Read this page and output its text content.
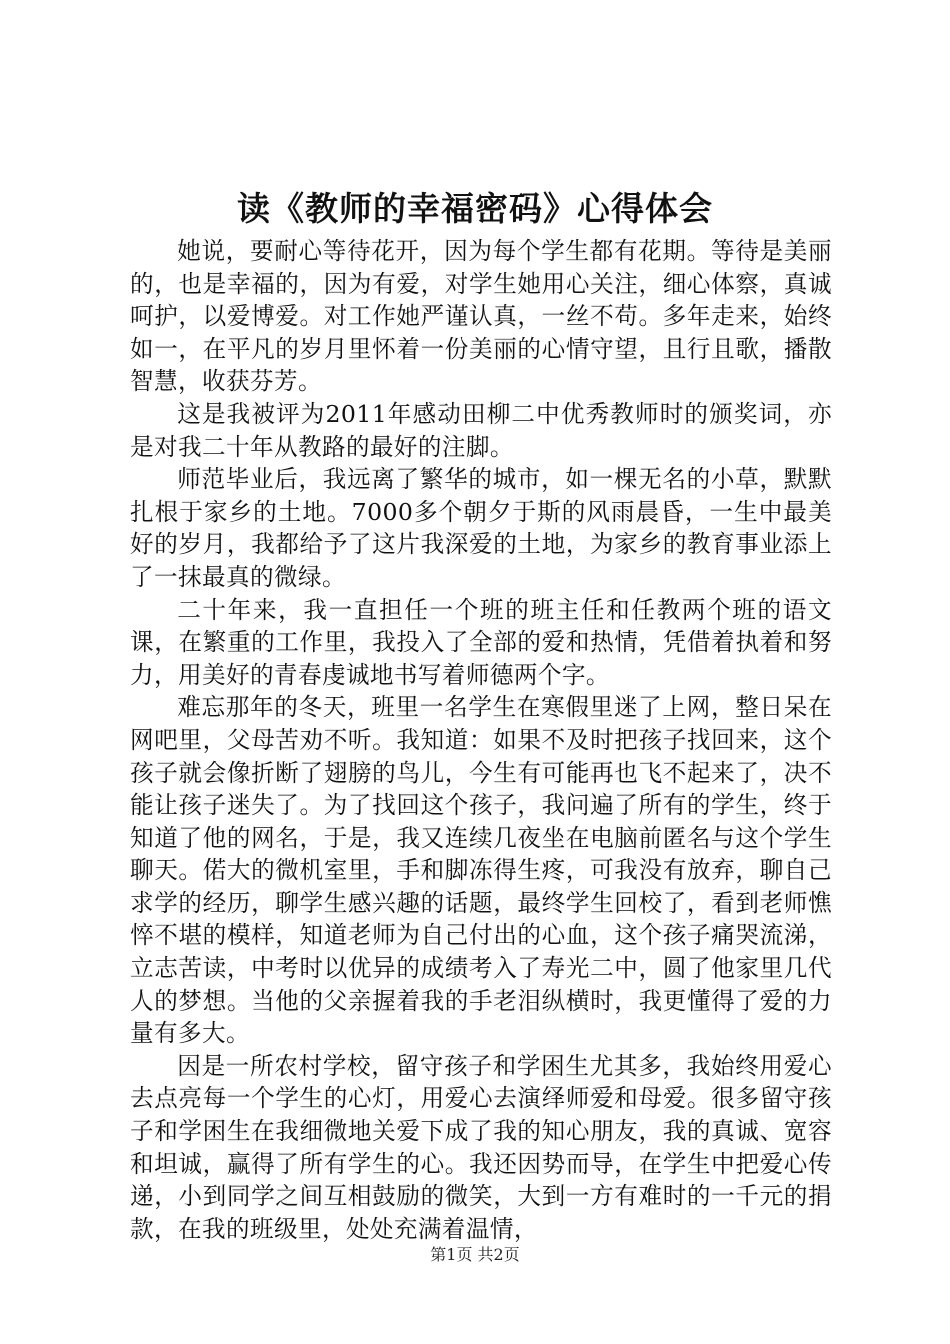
读《教师的幸福密码》心得体会

她说，要耐心等待花开，因为每个学生都有花期。等待是美丽的，也是幸福的，因为有爱，对学生她用心关注，细心体察，真诚呵护，以爱博爱。对工作她严谨认真，一丝不苟。多年走来，始终如一，在平凡的岁月里怀着一份美丽的心情守望，且行且歌，播散智慧，收获芬芳。

这是我被评为2011年感动田柳二中优秀教师时的颁奖词，亦是对我二十年从教路的最好的注脚。

师范毕业后，我远离了繁华的城市，如一棵无名的小草，默默扎根于家乡的土地。7000多个朝夕于斯的风雨晨昏，一生中最美好的岁月，我都给予了这片我深爱的土地，为家乡的教育事业添上了一抹最真的微绿。

二十年来，我一直担任一个班的班主任和任教两个班的语文课，在繁重的工作里，我投入了全部的爱和热情，凭借着执着和努力，用美好的青春虔诚地书写着师德两个字。

难忘那年的冬天，班里一名学生在寒假里迷了上网，整日呆在网吧里，父母苦劝不听。我知道：如果不及时把孩子找回来，这个孩子就会像折断了翅膀的鸟儿，今生有可能再也飞不起来了，决不能让孩子迷失了。为了找回这个孩子，我问遍了所有的学生，终于知道了他的网名，于是，我又连续几夜坐在电脑前匿名与这个学生聊天。偌大的微机室里，手和脚冻得生疼，可我没有放弃，聊自己求学的经历，聊学生感兴趣的话题，最终学生回校了，看到老师憔悴不堪的模样，知道老师为自己付出的心血，这个孩子痛哭流涕，立志苦读，中考时以优异的成绩考入了寿光二中，圆了他家里几代人的梦想。当他的父亲握着我的手老泪纵横时，我更懂得了爱的力量有多大。

因是一所农村学校，留守孩子和学困生尤其多，我始终用爱心去点亮每一个学生的心灯，用爱心去演绎师爱和母爱。很多留守孩子和学困生在我细微地关爱下成了我的知心朋友，我的真诚、宽容和坦诚，赢得了所有学生的心。我还因势而导，在学生中把爱心传递，小到同学之间互相鼓励的微笑，大到一方有难时的一千元的捐款，在我的班级里，处处充满着温情，

第1页 共2页
